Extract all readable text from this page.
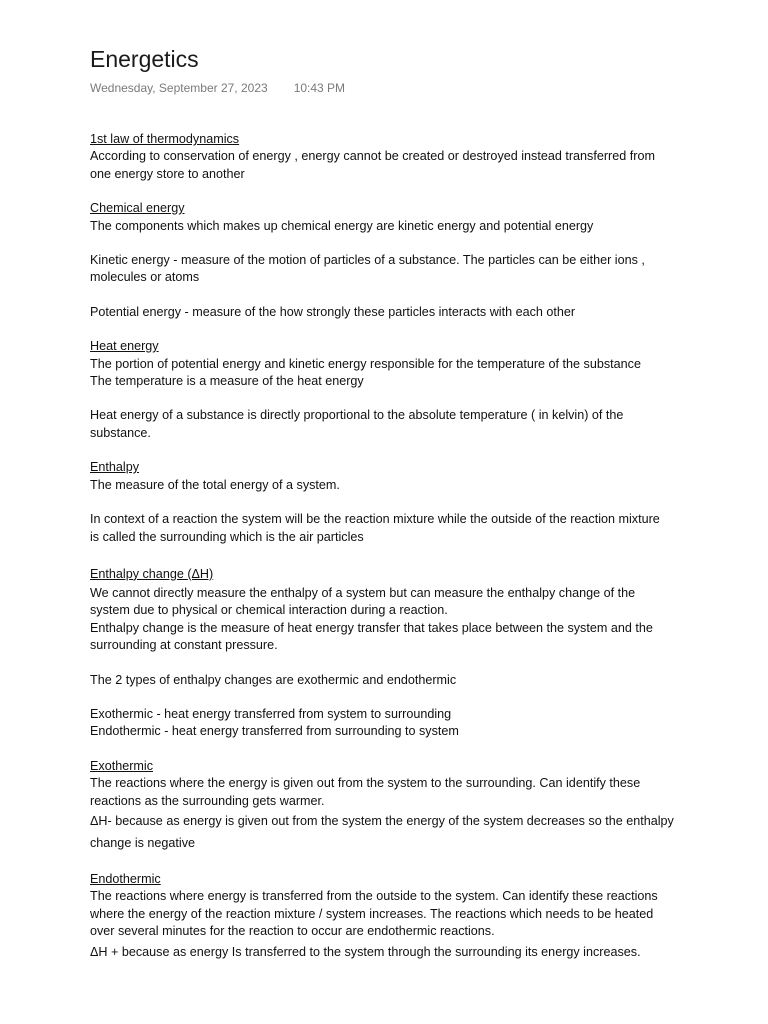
Energetics
Wednesday, September 27, 2023 10:43 PM
1st law of thermodynamics
According to conservation of energy , energy cannot be created or destroyed instead transferred from
one energy store to another
Chemical energy
The components which makes up chemical energy are kinetic energy and potential energy
Kinetic energy - measure of the motion of particles of a substance. The particles can be either ions ,
molecules or atoms
Potential energy - measure of the how strongly these particles interacts with each other
Heat energy
The portion of potential energy and kinetic energy responsible for the temperature of the substance
The temperature is a measure of the heat energy
Heat energy of a substance is directly proportional to the absolute temperature ( in kelvin) of the
substance.
Enthalpy
The measure of the total energy of a system.
In context of a reaction the system will be the reaction mixture while the outside of the reaction mixture
is called the surrounding which is the air particles
Enthalpy change (ΔH)
We cannot directly measure the enthalpy of a system but can measure the enthalpy change of the
system due to physical or chemical interaction during a reaction.
Enthalpy change is the measure of heat energy transfer that takes place between the system and the
surrounding at constant pressure.
The 2 types of enthalpy changes are exothermic and endothermic
Exothermic - heat energy transferred from system to surrounding
Endothermic - heat energy transferred from surrounding to system
Exothermic
The reactions where the energy is given out from the system to the surrounding. Can identify these
reactions as the surrounding gets warmer.
ΔH- because as energy is given out from the system the energy of the system decreases so the enthalpy
change is negative
Endothermic
The reactions where energy is transferred from the outside to the system. Can identify these reactions
where the energy of the reaction mixture / system increases. The reactions which needs to be heated
over several minutes for the reaction to occur are endothermic reactions.
ΔH + because as energy Is transferred to the system through the surrounding its energy increases.
